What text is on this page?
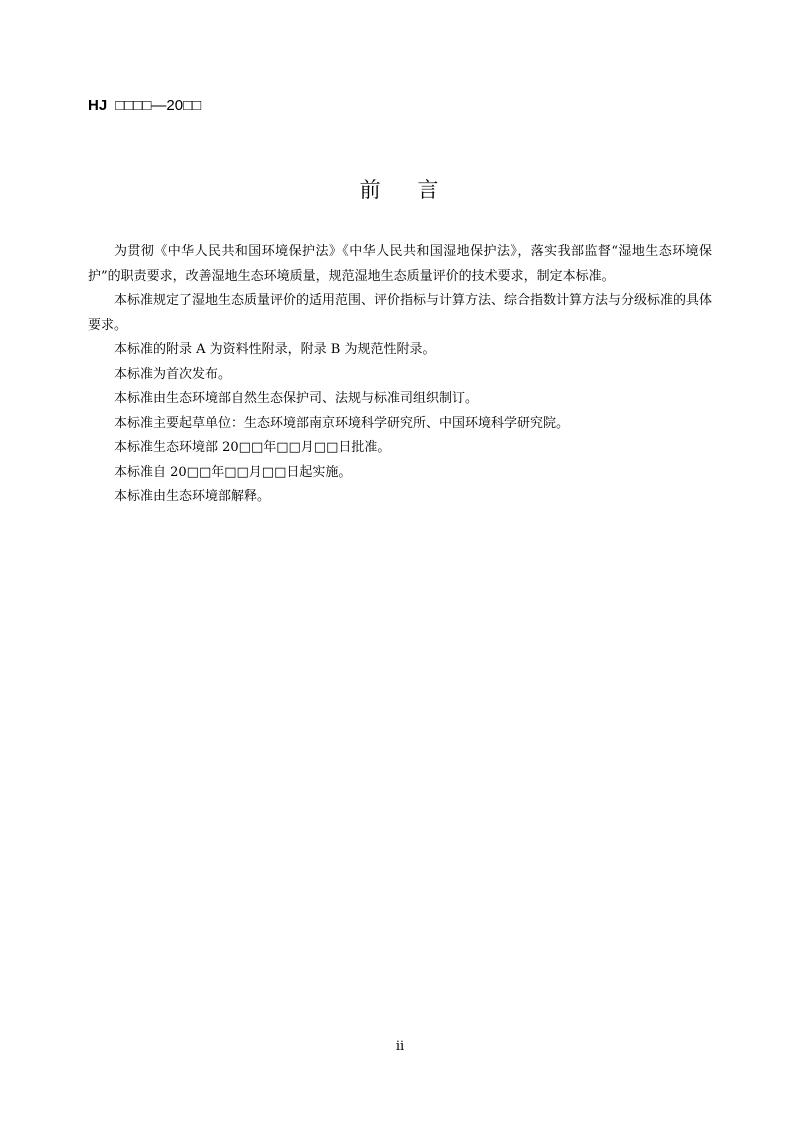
HJ □□□□—20□□
前    言

为贯彻《中华人民共和国环境保护法》《中华人民共和国湿地保护法》，落实我部监督“湿地生态环境保护”的职责要求，改善湿地生态环境质量，规范湿地生态质量评价的技术要求，制定本标准。

本标准规定了湿地生态质量评价的适用范围、评价指标与计算方法、综合指数计算方法与分级标准的具体要求。

本标准的附录 A 为资料性附录，附录 B 为规范性附录。

本标准为首次发布。

本标准由生态环境部自然生态保护司、法规与标准司组织制订。

本标准主要起草单位：生态环境部南京环境科学研究所、中国环境科学研究院。

本标准生态环境部 20□□年□□月□□日批准。

本标准自 20□□年□□月□□日起实施。

本标准由生态环境部解释。

ii
